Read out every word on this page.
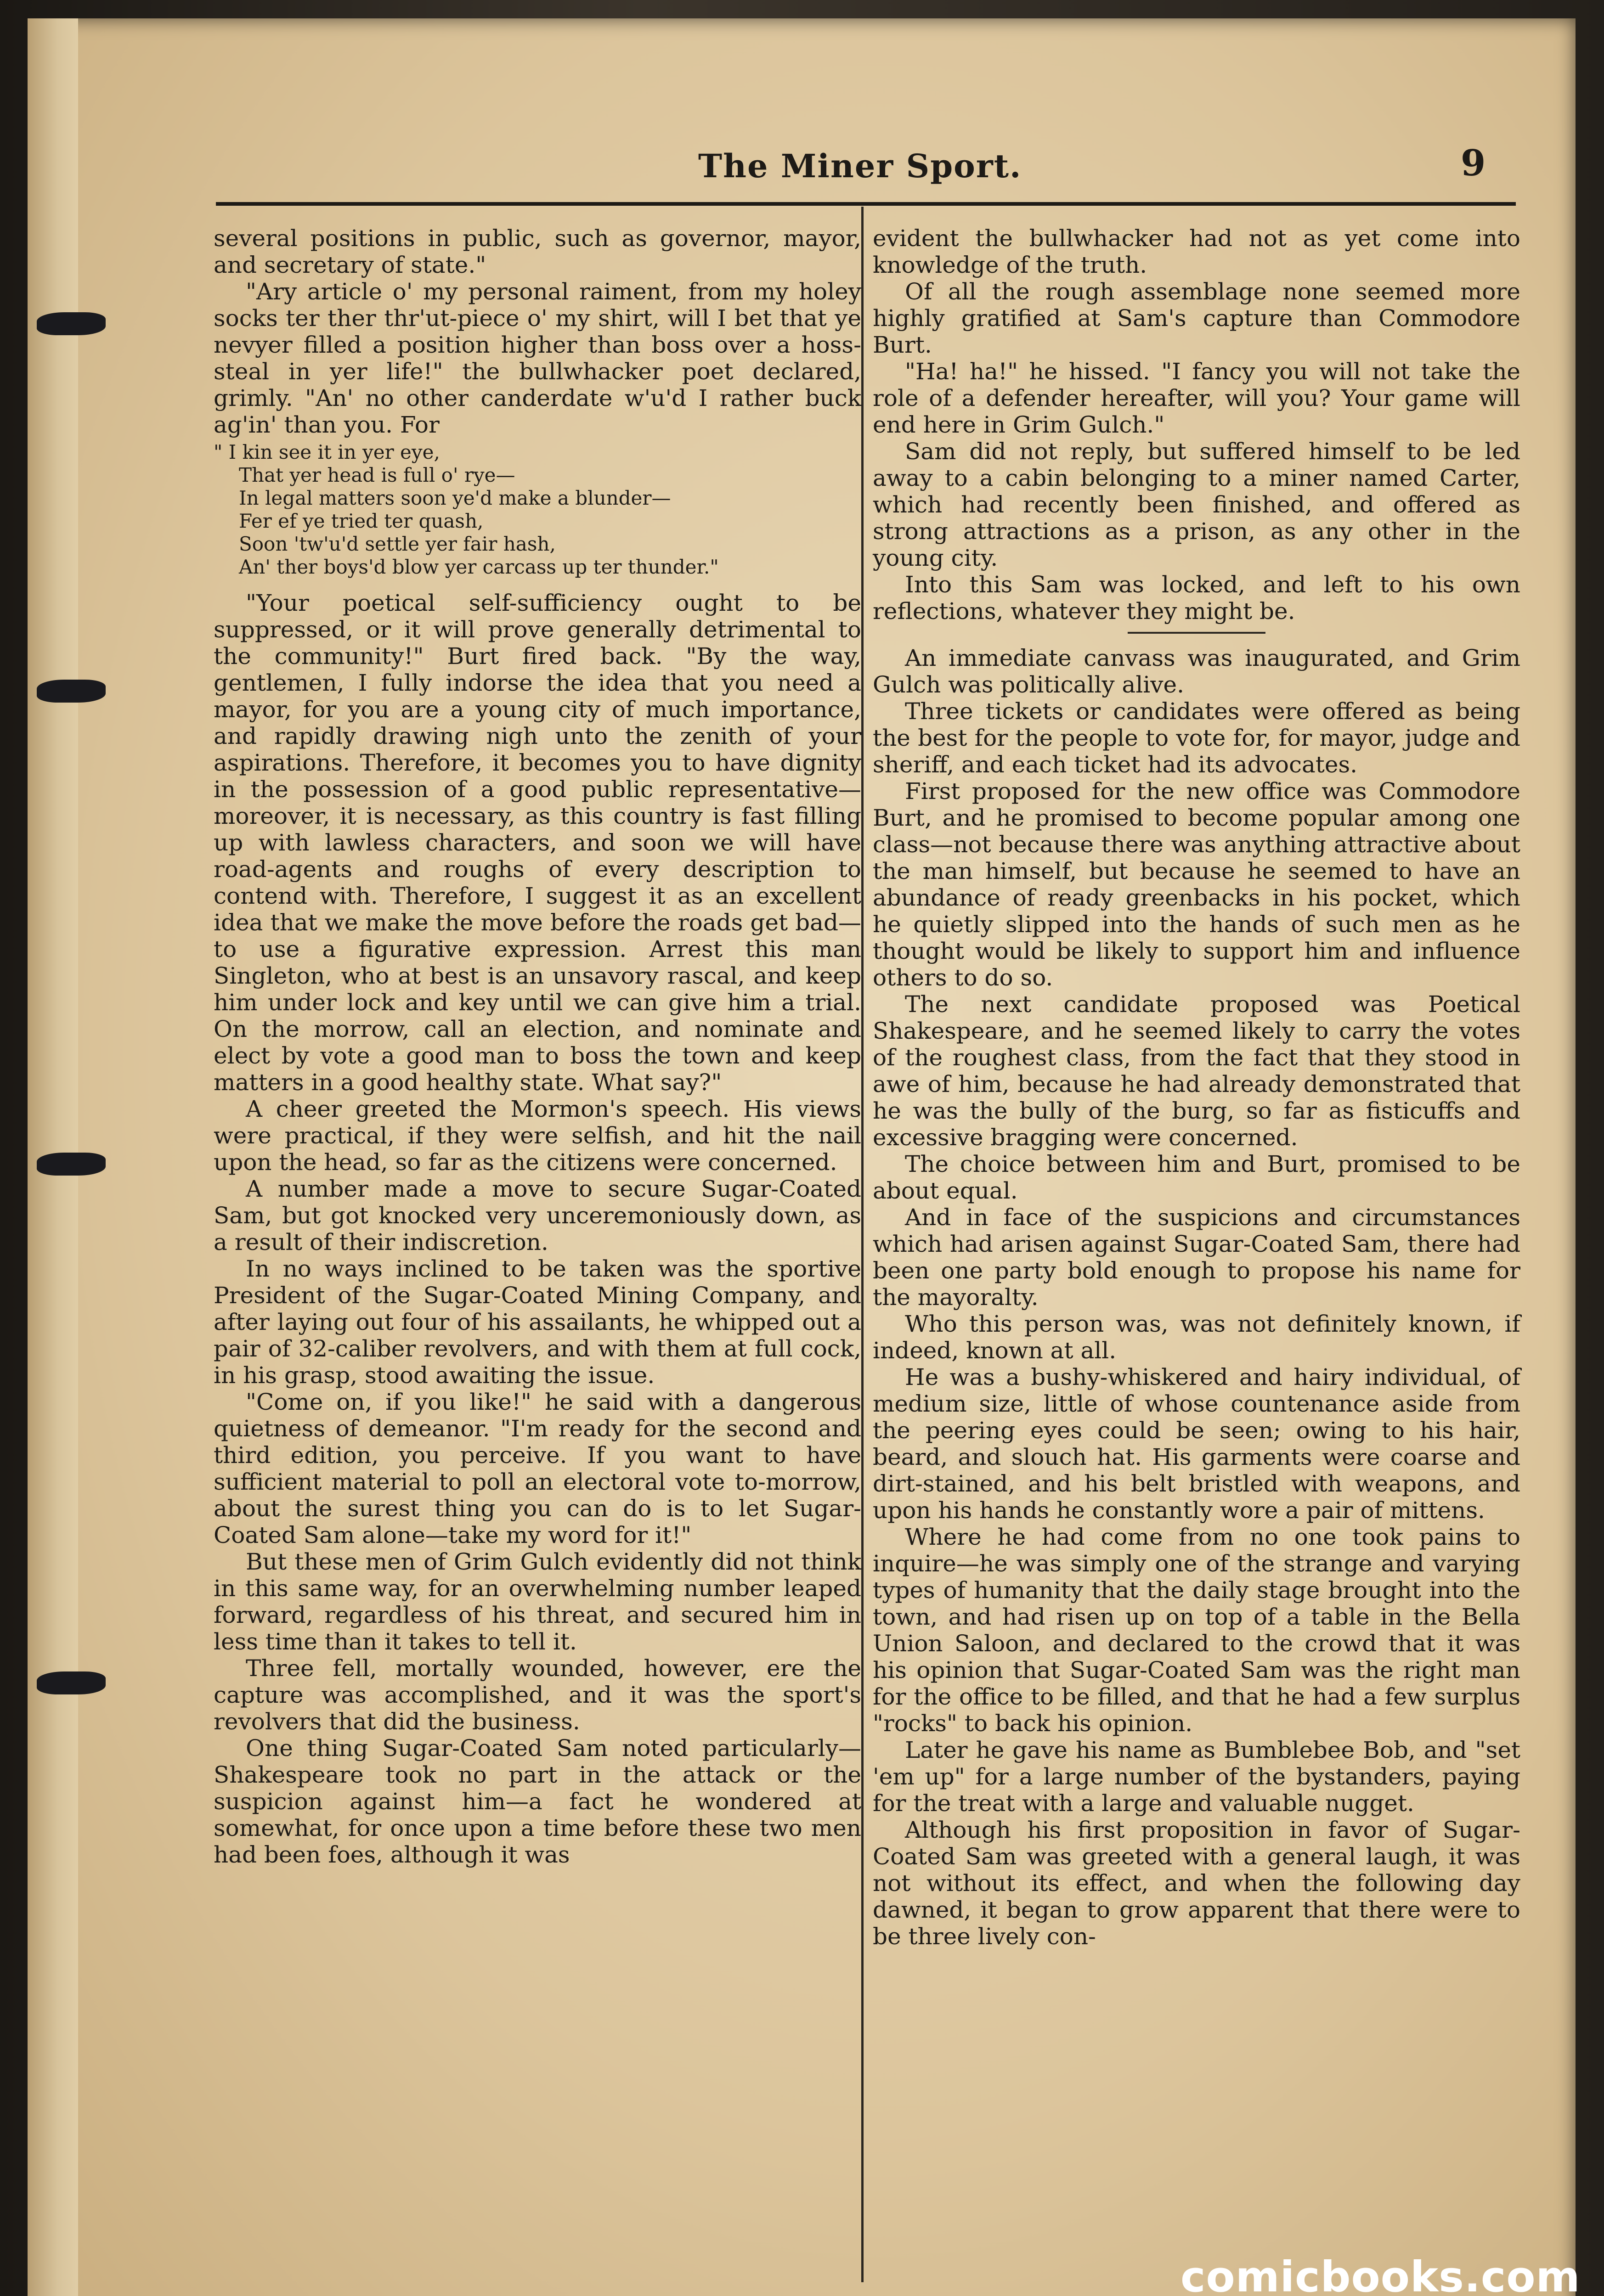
The Miner Sport.	9

several positions in public, such as governor, mayor, and secretary of state."

"Ary article o' my personal raiment, from my holey socks ter ther thr'ut-piece o' my shirt, will I bet that ye nevyer filled a position higher than boss over a hoss-steal in yer life!" the bullwhacker poet declared, grimly. "An' no other canderdate w'u'd I rather buck ag'in' than you. For

" I kin see it in yer eye,
That yer head is full o' rye—
In legal matters soon ye'd make a blunder—
Fer ef ye tried ter quash,
Soon 'tw'u'd settle yer fair hash,
An' ther boys'd blow yer carcass up ter thunder."

"Your poetical self-sufficiency ought to be suppressed, or it will prove generally detrimental to the community!" Burt fired back. "By the way, gentlemen, I fully indorse the idea that you need a mayor, for you are a young city of much importance, and rapidly drawing nigh unto the zenith of your aspirations. Therefore, it becomes you to have dignity in the possession of a good public representative—moreover, it is necessary, as this country is fast filling up with lawless characters, and soon we will have road-agents and roughs of every description to contend with. Therefore, I suggest it as an excellent idea that we make the move before the roads get bad—to use a figurative expression. Arrest this man Singleton, who at best is an unsavory rascal, and keep him under lock and key until we can give him a trial. On the morrow, call an election, and nominate and elect by vote a good man to boss the town and keep matters in a good healthy state. What say?"

A cheer greeted the Mormon's speech. His views were practical, if they were selfish, and hit the nail upon the head, so far as the citizens were concerned.

A number made a move to secure Sugar-Coated Sam, but got knocked very unceremoniously down, as a result of their indiscretion.

In no ways inclined to be taken was the sportive President of the Sugar-Coated Mining Company, and after laying out four of his assailants, he whipped out a pair of 32-caliber revolvers, and with them at full cock, in his grasp, stood awaiting the issue.

"Come on, if you like!" he said with a dangerous quietness of demeanor. "I'm ready for the second and third edition, you perceive. If you want to have sufficient material to poll an electoral vote to-morrow, about the surest thing you can do is to let Sugar-Coated Sam alone—take my word for it!"

But these men of Grim Gulch evidently did not think in this same way, for an overwhelming number leaped forward, regardless of his threat, and secured him in less time than it takes to tell it.

Three fell, mortally wounded, however, ere the capture was accomplished, and it was the sport's revolvers that did the business.

One thing Sugar-Coated Sam noted particularly—Shakespeare took no part in the attack or the suspicion against him—a fact he wondered at somewhat, for once upon a time before these two men had been foes, although it was

evident the bullwhacker had not as yet come into knowledge of the truth.

Of all the rough assemblage none seemed more highly gratified at Sam's capture than Commodore Burt.

"Ha! ha!" he hissed. "I fancy you will not take the role of a defender hereafter, will you? Your game will end here in Grim Gulch."

Sam did not reply, but suffered himself to be led away to a cabin belonging to a miner named Carter, which had recently been finished, and offered as strong attractions as a prison, as any other in the young city.

Into this Sam was locked, and left to his own reflections, whatever they might be.

An immediate canvass was inaugurated, and Grim Gulch was politically alive.

Three tickets or candidates were offered as being the best for the people to vote for, for mayor, judge and sheriff, and each ticket had its advocates.

First proposed for the new office was Commodore Burt, and he promised to become popular among one class—not because there was anything attractive about the man himself, but because he seemed to have an abundance of ready greenbacks in his pocket, which he quietly slipped into the hands of such men as he thought would be likely to support him and influence others to do so.

The next candidate proposed was Poetical Shakespeare, and he seemed likely to carry the votes of the roughest class, from the fact that they stood in awe of him, because he had already demonstrated that he was the bully of the burg, so far as fisticuffs and excessive bragging were concerned.

The choice between him and Burt, promised to be about equal.

And in face of the suspicions and circumstances which had arisen against Sugar-Coated Sam, there had been one party bold enough to propose his name for the mayoralty.

Who this person was, was not definitely known, if indeed, known at all.

He was a bushy-whiskered and hairy individual, of medium size, little of whose countenance aside from the peering eyes could be seen; owing to his hair, beard, and slouch hat. His garments were coarse and dirt-stained, and his belt bristled with weapons, and upon his hands he constantly wore a pair of mittens.

Where he had come from no one took pains to inquire—he was simply one of the strange and varying types of humanity that the daily stage brought into the town, and had risen up on top of a table in the Bella Union Saloon, and declared to the crowd that it was his opinion that Sugar-Coated Sam was the right man for the office to be filled, and that he had a few surplus "rocks" to back his opinion.

Later he gave his name as Bumblebee Bob, and "set 'em up" for a large number of the bystanders, paying for the treat with a large and valuable nugget.

Although his first proposition in favor of Sugar-Coated Sam was greeted with a general laugh, it was not without its effect, and when the following day dawned, it began to grow apparent that there were to be three lively con-

comicbooks.com
